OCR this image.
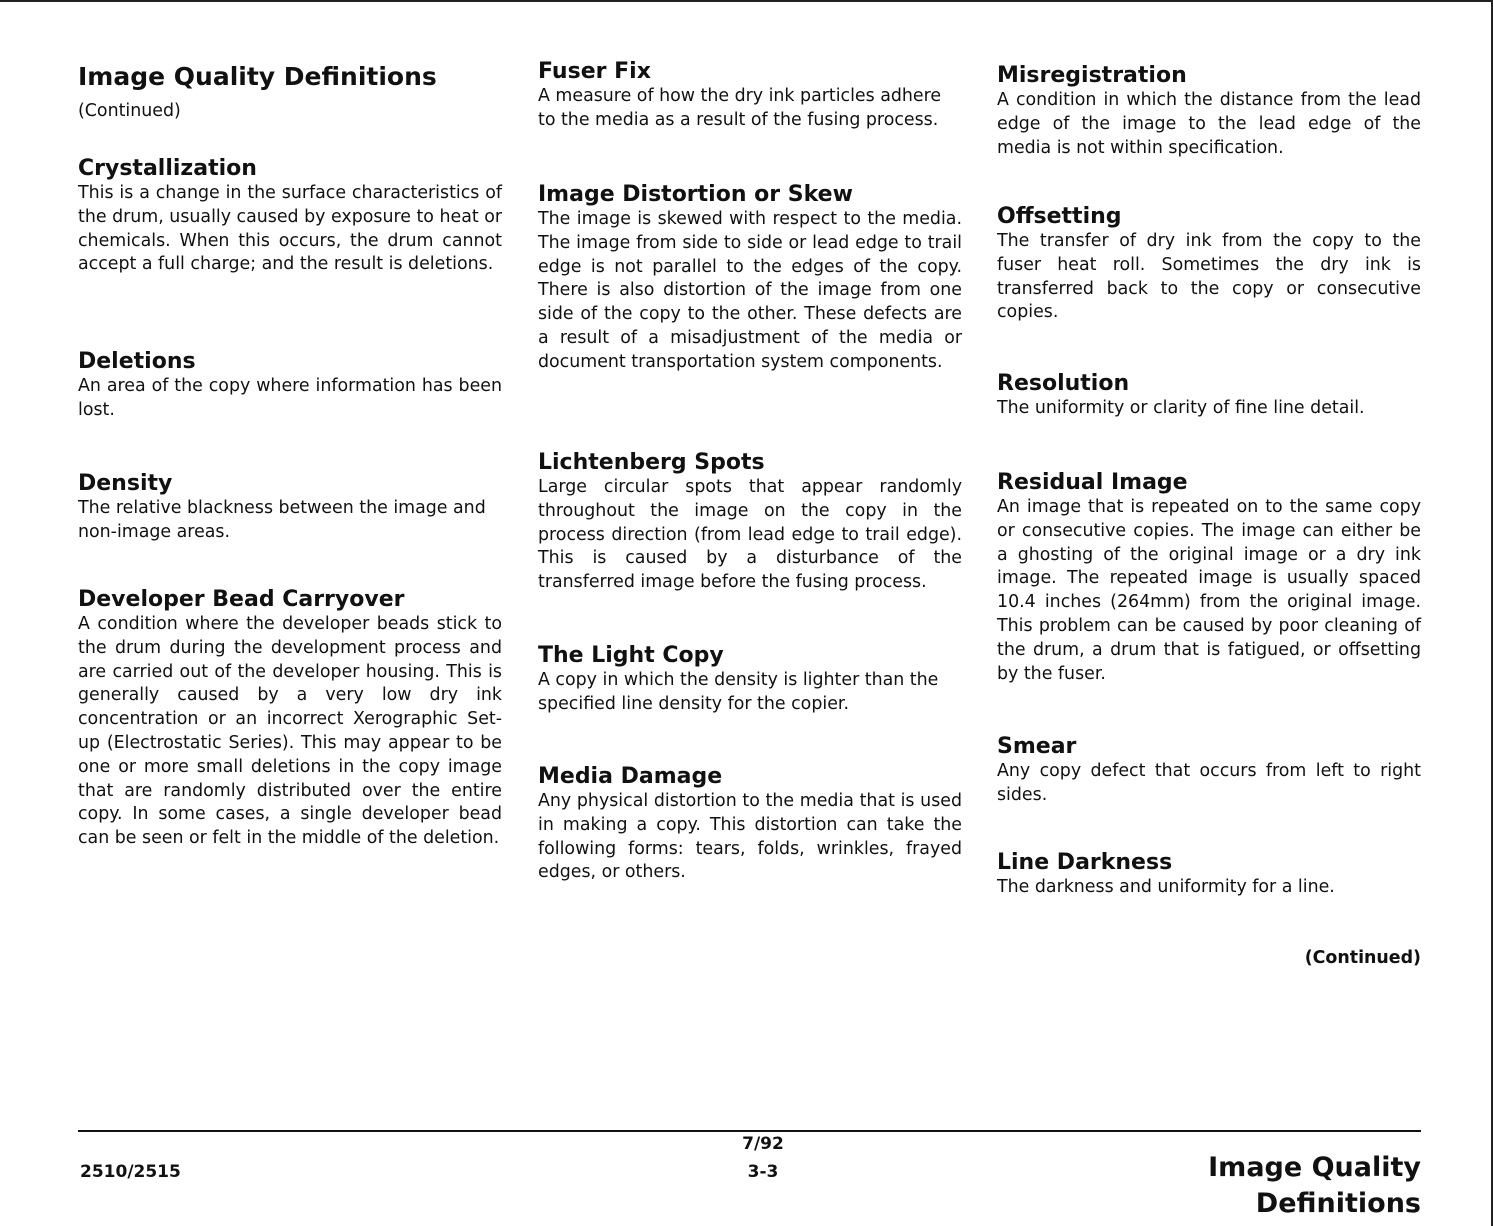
Image Quality Definitions
(Continued)
Crystallization

This is a change in the surface characteristics of the drum, usually caused by exposure to heat or chemicals. When this occurs, the drum cannot accept a full charge; and the result is deletions.

Deletions

An area of the copy where information has been lost.

Density

The relative blackness between the image and non-image areas.

Developer Bead Carryover

A condition where the developer beads stick to the drum during the development process and are carried out of the developer housing. This is generally caused by a very low dry ink concentration or an incorrect Xerographic Set-up (Electrostatic Series). This may appear to be one or more small deletions in the copy image that are randomly distributed over the entire copy. In some cases, a single developer bead can be seen or felt in the middle of the deletion.

Fuser Fix

A measure of how the dry ink particles adhere to the media as a result of the fusing process.

Image Distortion or Skew

The image is skewed with respect to the media. The image from side to side or lead edge to trail edge is not parallel to the edges of the copy. There is also distortion of the image from one side of the copy to the other. These defects are a result of a misadjustment of the media or document transportation system components.

Lichtenberg Spots

Large circular spots that appear randomly throughout the image on the copy in the process direction (from lead edge to trail edge). This is caused by a disturbance of the transferred image before the fusing process.

The Light Copy

A copy in which the density is lighter than the specified line density for the copier.

Media Damage

Any physical distortion to the media that is used in making a copy. This distortion can take the following forms: tears, folds, wrinkles, frayed edges, or others.

Misregistration

A condition in which the distance from the lead edge of the image to the lead edge of the media is not within specification.

Offsetting

The transfer of dry ink from the copy to the fuser heat roll. Sometimes the dry ink is transferred back to the copy or consecutive copies.

Resolution

The uniformity or clarity of fine line detail.

Residual Image

An image that is repeated on to the same copy or consecutive copies. The image can either be a ghosting of the original image or a dry ink image. The repeated image is usually spaced 10.4 inches (264mm) from the original image. This problem can be caused by poor cleaning of the drum, a drum that is fatigued, or offsetting by the fuser.

Smear

Any copy defect that occurs from left to right sides.

Line Darkness

The darkness and uniformity for a line.

(Continued)
2510/2515
7/92
3-3	Image Quality Definitions
